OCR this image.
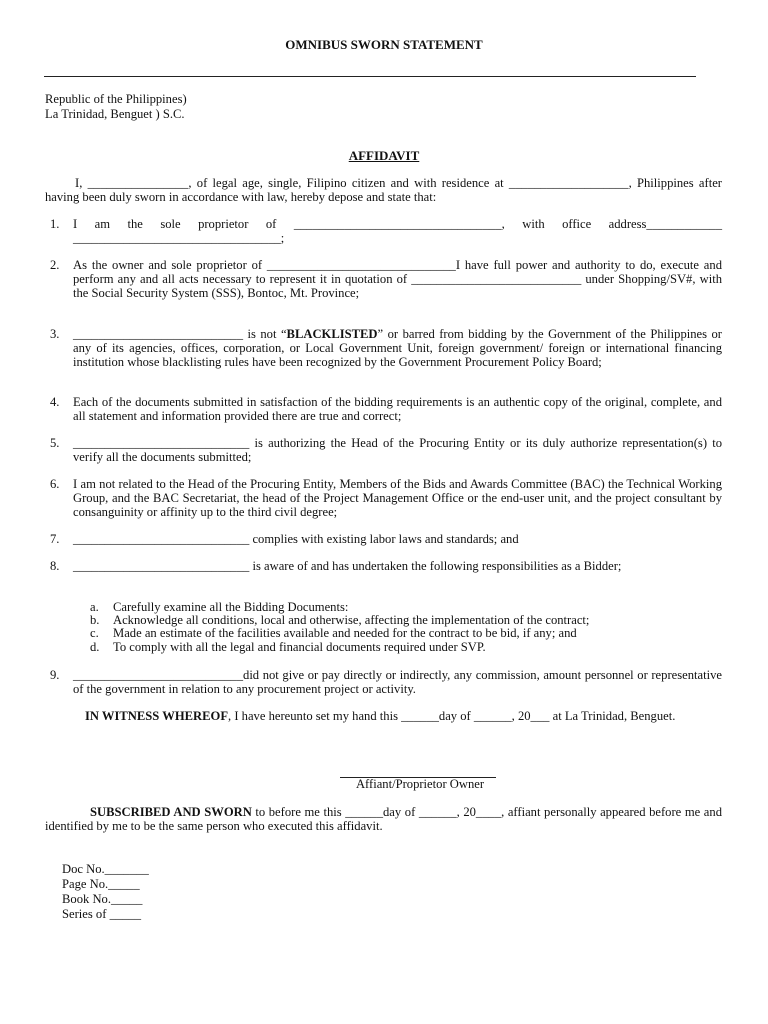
OMNIBUS SWORN STATEMENT
Republic of the Philippines)
La Trinidad, Benguet ) S.C.
AFFIDAVIT
I, ________________, of legal age, single, Filipino citizen and with residence at ___________________, Philippines after having been duly sworn in accordance with law, hereby depose and state that:
1.	I am the sole proprietor of _________________________________, with office address____________ _________________________________;
2.	As the owner and sole proprietor of ______________________________I have full power and authority to do, execute and perform any and all acts necessary to represent it in quotation of ___________________________ under Shopping/SV#, with the Social Security System (SSS), Bontoc, Mt. Province;
3.	___________________________ is not “BLACKLISTED” or barred from bidding by the Government of the Philippines or any of its agencies, offices, corporation, or Local Government Unit, foreign government/ foreign or international financing institution whose blacklisting rules have been recognized by the Government Procurement Policy Board;
4.	Each of the documents submitted in satisfaction of the bidding requirements is an authentic copy of the original, complete, and all statement and information provided there are true and correct;
5.	____________________________ is authorizing the Head of the Procuring Entity or its duly authorize representation(s) to verify all the documents submitted;
6.	I am not related to the Head of the Procuring Entity, Members of the Bids and Awards Committee (BAC) the Technical Working Group, and the BAC Secretariat, the head of the Project Management Office or the end-user unit, and the project consultant by consanguinity or affinity up to the third civil degree;
7.	____________________________ complies with existing labor laws and standards; and
8.	____________________________ is aware of and has undertaken the following responsibilities as a Bidder;
a. Carefully examine all the Bidding Documents:
b. Acknowledge all conditions, local and otherwise, affecting the implementation of the contract;
c. Made an estimate of the facilities available and needed for the contract to be bid, if any; and
d. To comply with all the legal and financial documents required under SVP.
9.	___________________________did not give or pay directly or indirectly, any commission, amount personnel or representative of the government in relation to any procurement project or activity.
IN WITNESS WHEREOF, I have hereunto set my hand this ______day of ______, 20___ at La Trinidad, Benguet.
Affiant/Proprietor Owner
SUBSCRIBED AND SWORN to before me this ______day of ______, 20____, affiant personally appeared before me and identified by me to be the same person who executed this affidavit.
Doc No._______
Page No._____
Book No._____
Series of _____
